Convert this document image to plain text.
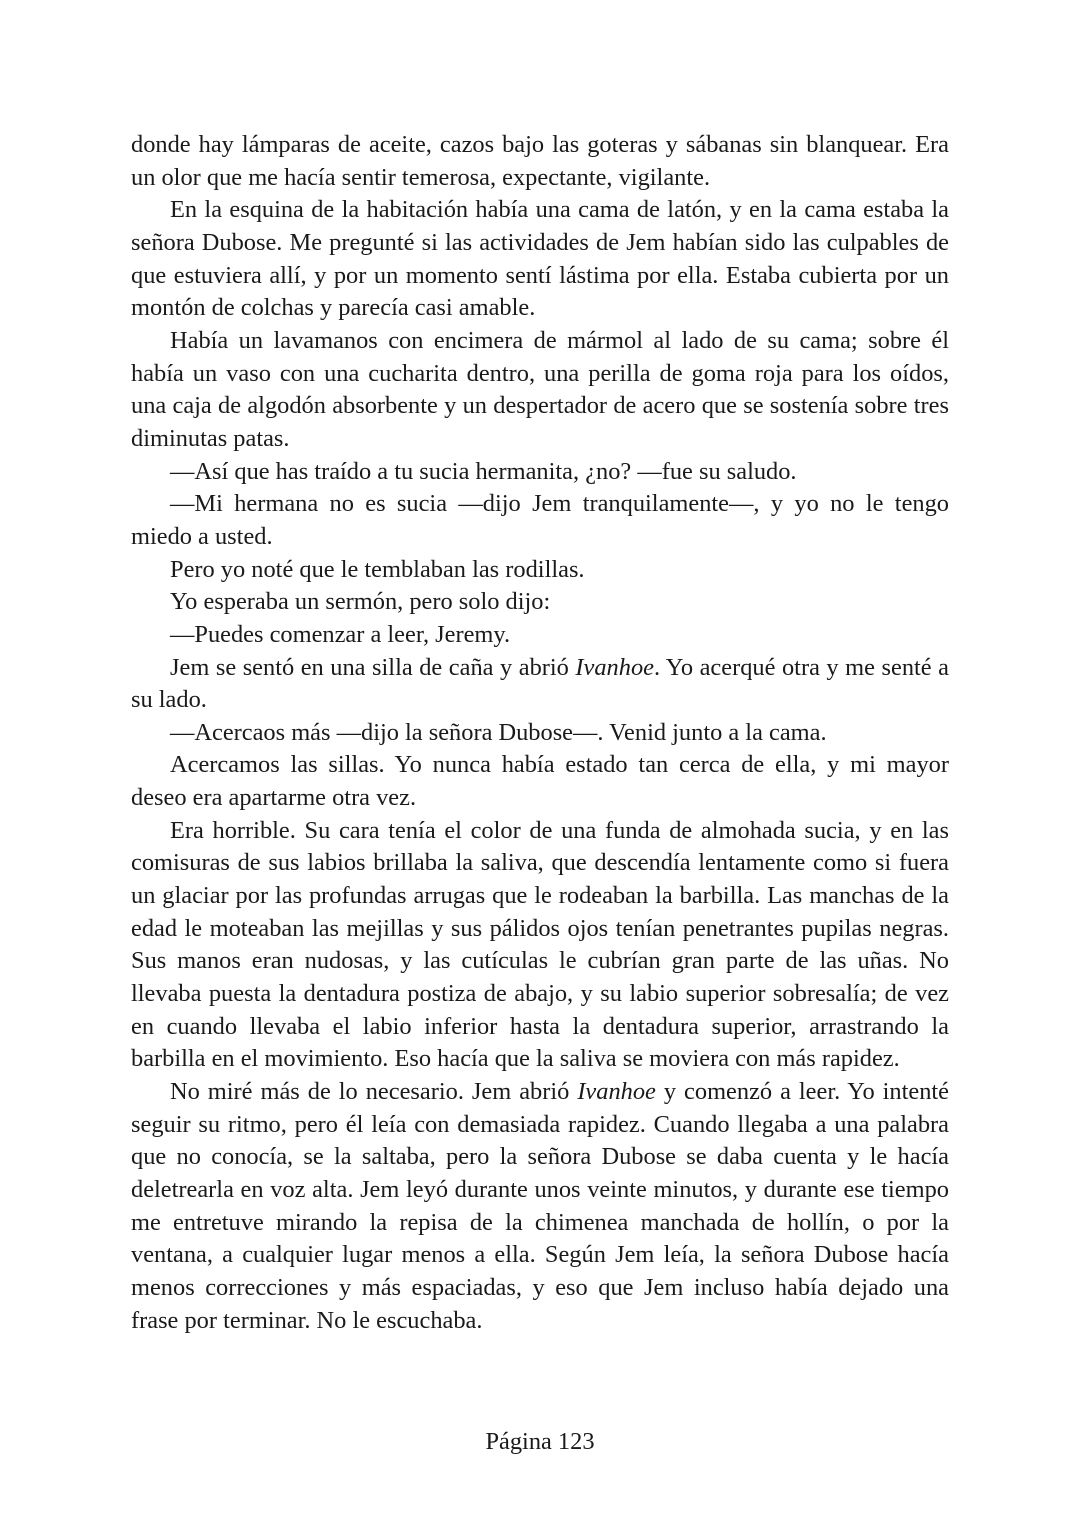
donde hay lámparas de aceite, cazos bajo las goteras y sábanas sin blanquear. Era un olor que me hacía sentir temerosa, expectante, vigilante.

En la esquina de la habitación había una cama de latón, y en la cama estaba la señora Dubose. Me pregunté si las actividades de Jem habían sido las culpables de que estuviera allí, y por un momento sentí lástima por ella. Estaba cubierta por un montón de colchas y parecía casi amable.

Había un lavamanos con encimera de mármol al lado de su cama; sobre él había un vaso con una cucharita dentro, una perilla de goma roja para los oídos, una caja de algodón absorbente y un despertador de acero que se sostenía sobre tres diminutas patas.

—Así que has traído a tu sucia hermanita, ¿no? —fue su saludo.

—Mi hermana no es sucia —dijo Jem tranquilamente—, y yo no le tengo miedo a usted.

Pero yo noté que le temblaban las rodillas.

Yo esperaba un sermón, pero solo dijo:

—Puedes comenzar a leer, Jeremy.

Jem se sentó en una silla de caña y abrió Ivanhoe. Yo acerqué otra y me senté a su lado.

—Acercaos más —dijo la señora Dubose—. Venid junto a la cama.

Acercamos las sillas. Yo nunca había estado tan cerca de ella, y mi mayor deseo era apartarme otra vez.

Era horrible. Su cara tenía el color de una funda de almohada sucia, y en las comisuras de sus labios brillaba la saliva, que descendía lentamente como si fuera un glaciar por las profundas arrugas que le rodeaban la barbilla. Las manchas de la edad le moteaban las mejillas y sus pálidos ojos tenían penetrantes pupilas negras. Sus manos eran nudosas, y las cutículas le cubrían gran parte de las uñas. No llevaba puesta la dentadura postiza de abajo, y su labio superior sobresalía; de vez en cuando llevaba el labio inferior hasta la dentadura superior, arrastrando la barbilla en el movimiento. Eso hacía que la saliva se moviera con más rapidez.

No miré más de lo necesario. Jem abrió Ivanhoe y comenzó a leer. Yo intenté seguir su ritmo, pero él leía con demasiada rapidez. Cuando llegaba a una palabra que no conocía, se la saltaba, pero la señora Dubose se daba cuenta y le hacía deletrearla en voz alta. Jem leyó durante unos veinte minutos, y durante ese tiempo me entretuve mirando la repisa de la chimenea manchada de hollín, o por la ventana, a cualquier lugar menos a ella. Según Jem leía, la señora Dubose hacía menos correcciones y más espaciadas, y eso que Jem incluso había dejado una frase por terminar. No le escuchaba.

Página 123
